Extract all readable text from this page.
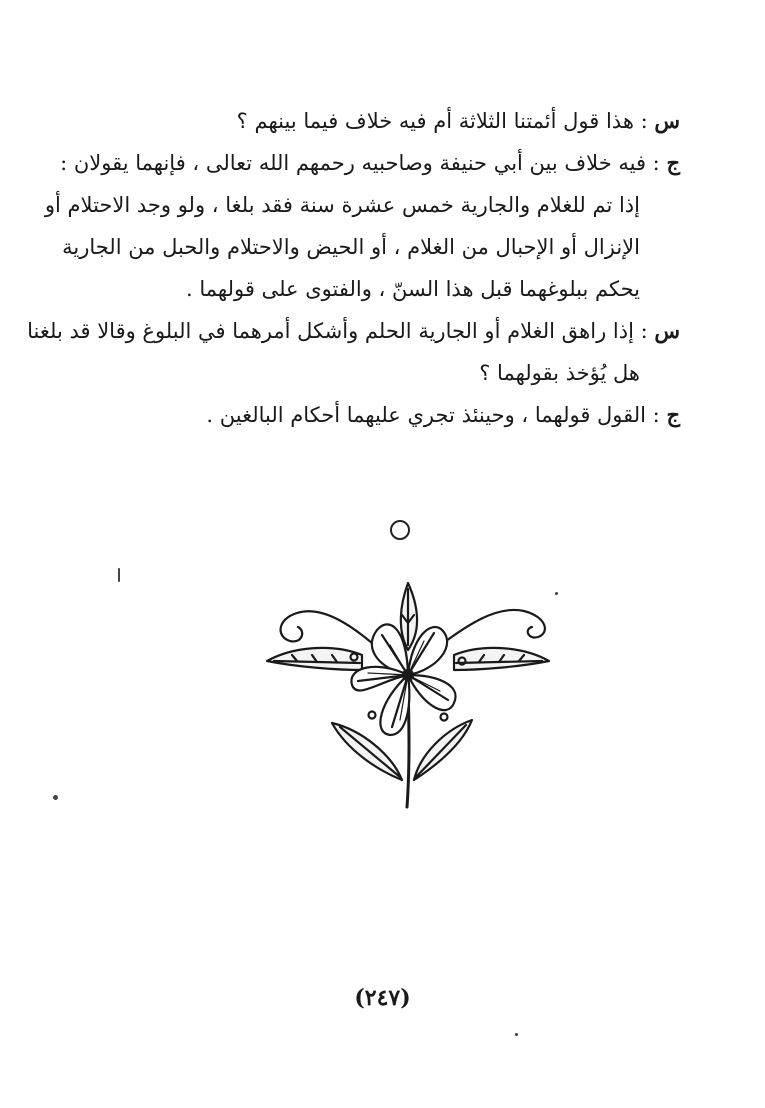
س : هذا قول أئمتنا الثلاثة أم فيه خلاف فيما بينهم ؟
ج : فيه خلاف بين أبي حنيفة وصاحبيه رحمهم الله تعالى ، فإنهما يقولان :
إذا تم للغلام والجارية خمس عشرة سنة فقد بلغا ، ولو وجد الاحتلام أو
الإنزال أو الإحبال من الغلام ، أو الحيض والاحتلام والحبل من الجارية
يحكم ببلوغهما قبل هذا السنّ ، والفتوى على قولهما .
س : إذا راهق الغلام أو الجارية الحلم وأشكل أمرهما في البلوغ وقالا قد بلغنا
هل يُؤخذ بقولهما ؟
ج : القول قولهما ، وحينئذ تجري عليهما أحكام البالغين .
(٢٤٧)
